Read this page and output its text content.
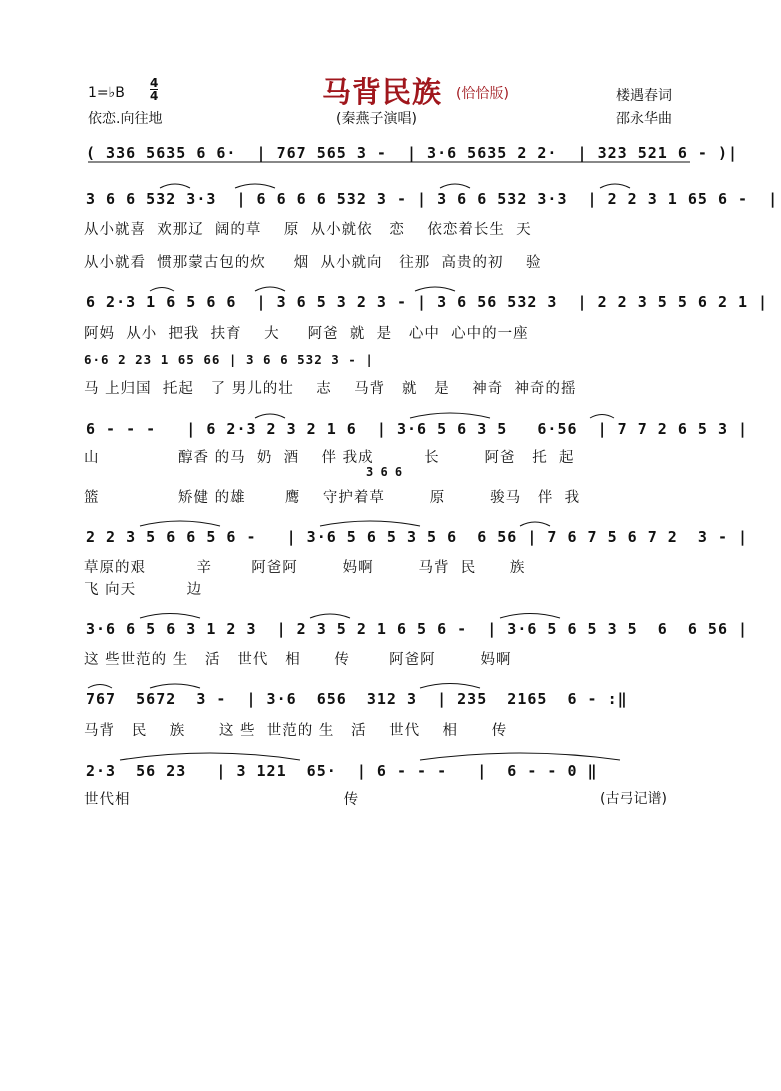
1=♭B
4
4	马背民族 (恰恰版)
依恋.向往地	(秦燕子演唱)
楼遇春词
邵永华曲
( 336 5635 6 6·  | 767 565 3 -  | 3·6 5635 2 2·  | 323 521 6 - )|
3 6 6 532 3·3  | 6 6 6 6 532 3 - | 3 6 6 532 3·3  | 2 2 3 1 65 6 -  |
从小就喜  欢那辽  阔的草    原  从小就依   恋    依恋着长生  天
从小就看  惯那蒙古包的炊     烟  从小就向   往那  高贵的初    验
6 2·3 1 6 5 6 6  | 3 6 5 3 2 3 - | 3 6 56 532 3  | 2 2 3 5 5 6 2 1 |
阿妈  从小  把我  扶育    大     阿爸  就  是   心中  心中的一座
6·6 2 23 1 65 66 | 3 6 6 532 3 - |
马 上归国  托起   了 男儿的壮    志    马背   就   是    神奇  神奇的摇
6 - - -   | 6 2·3 2 3 2 1 6  | 3·6 5 6 3 5   6·56  | 7 7 2 6 5 3 |
山              醇香 的马  奶  酒    伴 我成         长        阿爸   托  起
3 6 6
篮              矫健 的雄       鹰    守护着草        原        骏马   伴  我
2 2 3 5 6 6 5 6 -   | 3·6 5 6 5 3 5 6  6 56 | 7 6 7 5 6 7 2  3 - |
草原的艰         辛       阿爸阿        妈啊        马背  民      族
飞 向天         边
3·6 6 5 6 3 1 2 3  | 2 3 5 2 1 6 5 6 -  | 3·6 5 6 5 3 5  6  6 56 |
这 些世范的 生   活   世代   相      传       阿爸阿        妈啊
767  5672  3 -  | 3·6  656  312 3  | 235  2165  6 - :‖
马背   民    族      这 些  世范的 生   活    世代    相      传
2·3  56 23   | 3 121  65·  | 6 - - -   |  6 - - 0 ‖
世代相                                      传	(古弓记谱)
